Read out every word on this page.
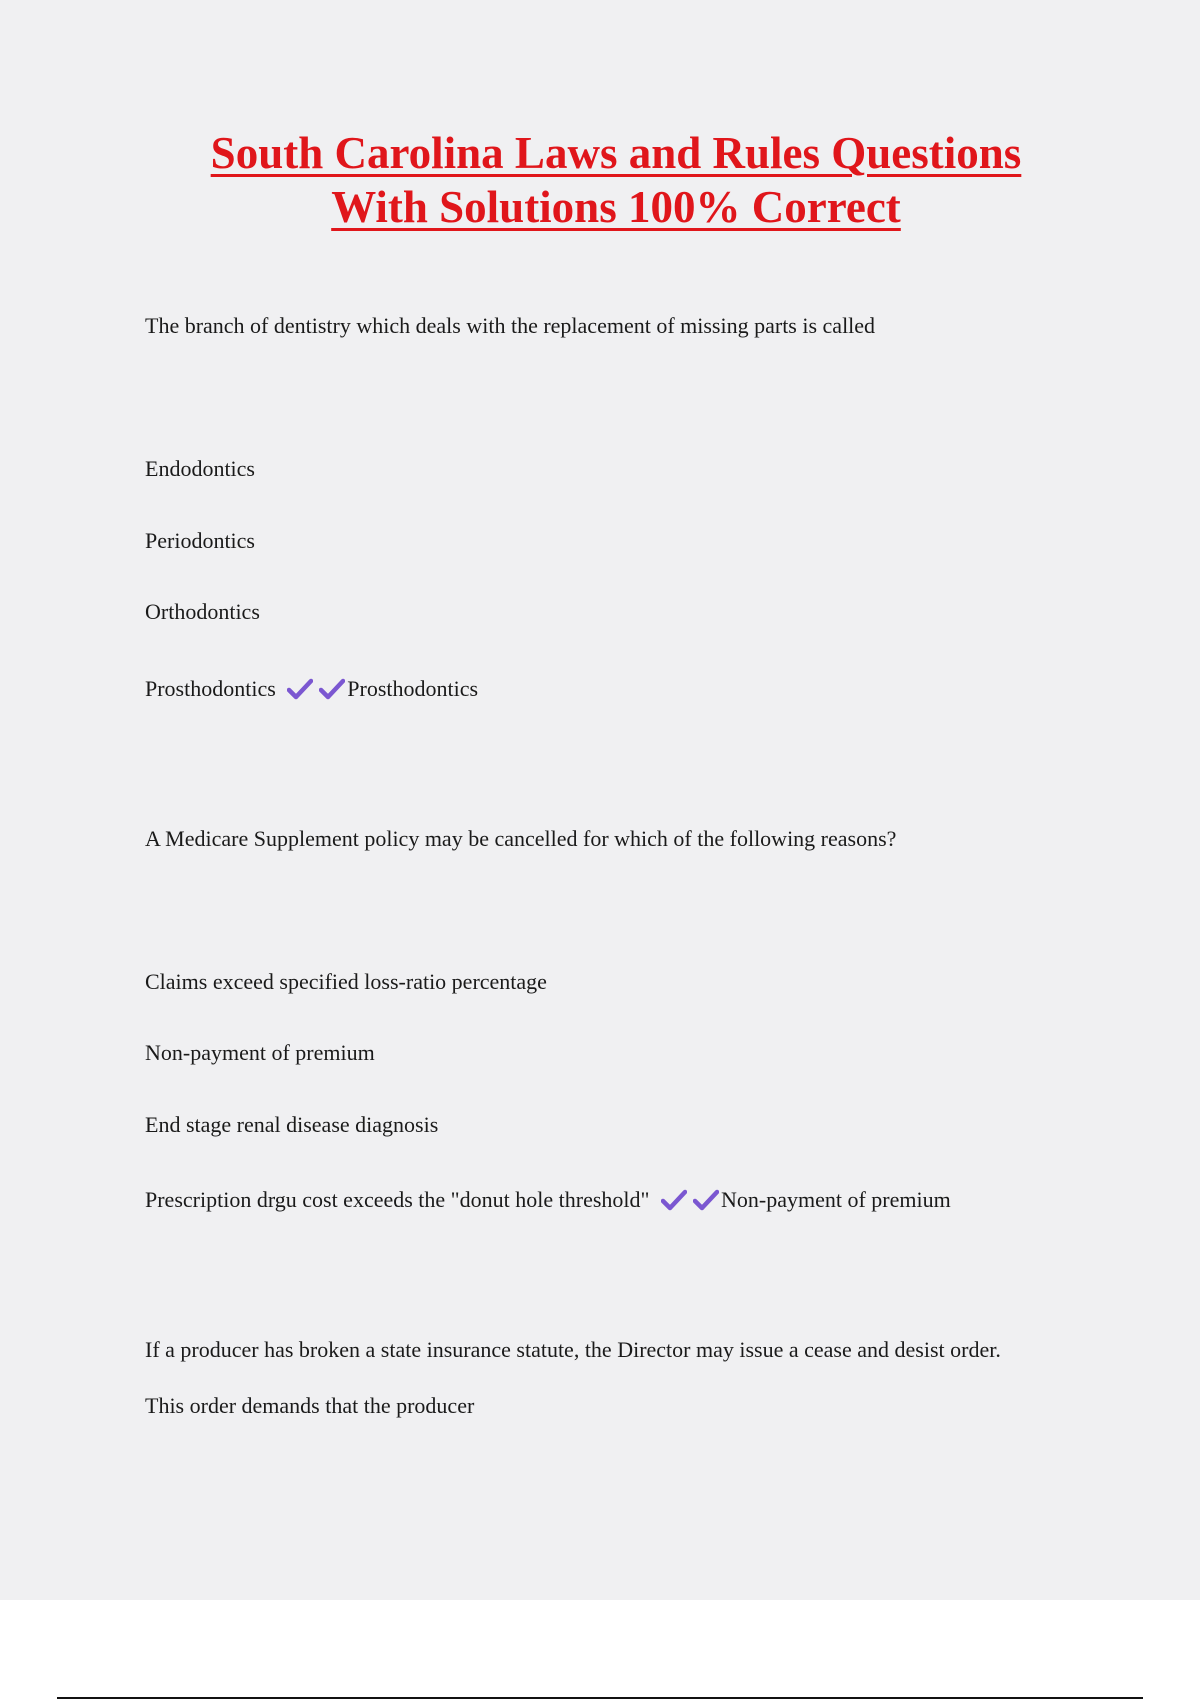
South Carolina Laws and Rules Questions
With Solutions 100% Correct
The branch of dentistry which deals with the replacement of missing parts is called
Endodontics
Periodontics
Orthodontics
Prosthodontics	Prosthodontics
A Medicare Supplement policy may be cancelled for which of the following reasons?
Claims exceed specified loss-ratio percentage
Non-payment of premium
End stage renal disease diagnosis
Prescription drgu cost exceeds the "donut hole threshold"	Non-payment of premium
If a producer has broken a state insurance statute, the Director may issue a cease and desist order.
This order demands that the producer
